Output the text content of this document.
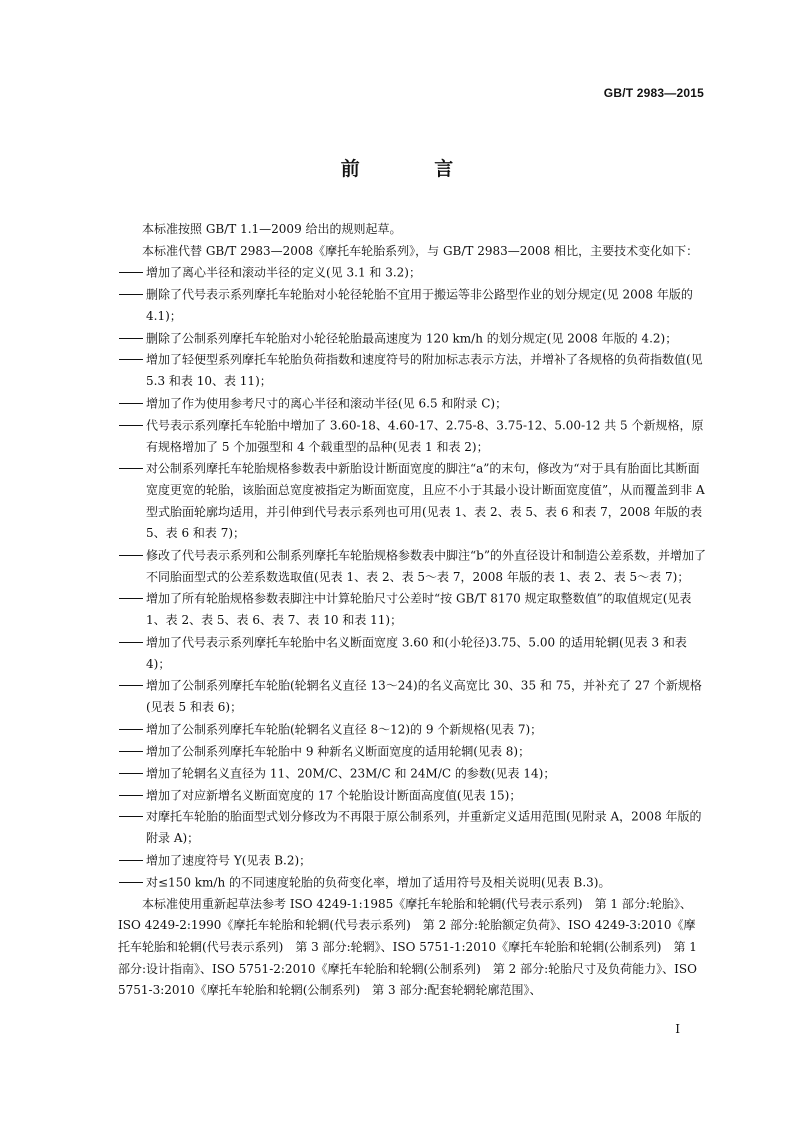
GB/T 2983—2015
前 言

本标准按照 GB/T 1.1—2009 给出的规则起草。

本标准代替 GB/T 2983—2008《摩托车轮胎系列》，与 GB/T 2983—2008 相比，主要技术变化如下：

增加了离心半径和滚动半径的定义(见 3.1 和 3.2)；

删除了代号表示系列摩托车轮胎对小轮径轮胎不宜用于搬运等非公路型作业的划分规定(见 2008 年版的 4.1)；

删除了公制系列摩托车轮胎对小轮径轮胎最高速度为 120 km/h 的划分规定(见 2008 年版的 4.2)；

增加了轻便型系列摩托车轮胎负荷指数和速度符号的附加标志表示方法，并增补了各规格的负荷指数值(见 5.3 和表 10、表 11)；

增加了作为使用参考尺寸的离心半径和滚动半径(见 6.5 和附录 C)；

代号表示系列摩托车轮胎中增加了 3.60-18、4.60-17、2.75-8、3.75-12、5.00-12 共 5 个新规格，原有规格增加了 5 个加强型和 4 个载重型的品种(见表 1 和表 2)；

对公制系列摩托车轮胎规格参数表中新胎设计断面宽度的脚注“a”的末句，修改为“对于具有胎面比其断面宽度更宽的轮胎，该胎面总宽度被指定为断面宽度，且应不小于其最小设计断面宽度值”，从而覆盖到非 A 型式胎面轮廓均适用，并引伸到代号表示系列也可用(见表 1、表 2、表 5、表 6 和表 7，2008 年版的表 5、表 6 和表 7)；

修改了代号表示系列和公制系列摩托车轮胎规格参数表中脚注“b”的外直径设计和制造公差系数，并增加了不同胎面型式的公差系数选取值(见表 1、表 2、表 5～表 7，2008 年版的表 1、表 2、表 5～表 7)；

增加了所有轮胎规格参数表脚注中计算轮胎尺寸公差时“按 GB/T 8170 规定取整数值”的取值规定(见表 1、表 2、表 5、表 6、表 7、表 10 和表 11)；

增加了代号表示系列摩托车轮胎中名义断面宽度 3.60 和(小轮径)3.75、5.00 的适用轮辋(见表 3 和表 4)；

增加了公制系列摩托车轮胎(轮辋名义直径 13～24)的名义高宽比 30、35 和 75，并补充了 27 个新规格(见表 5 和表 6)；

增加了公制系列摩托车轮胎(轮辋名义直径 8～12)的 9 个新规格(见表 7)；

增加了公制系列摩托车轮胎中 9 种新名义断面宽度的适用轮辋(见表 8)；

增加了轮辋名义直径为 11、20M/C、23M/C 和 24M/C 的参数(见表 14)；

增加了对应新增名义断面宽度的 17 个轮胎设计断面高度值(见表 15)；

对摩托车轮胎的胎面型式划分修改为不再限于原公制系列，并重新定义适用范围(见附录 A，2008 年版的附录 A)；

增加了速度符号 Y(见表 B.2)；

对≤150 km/h 的不同速度轮胎的负荷变化率，增加了适用符号及相关说明(见表 B.3)。

本标准使用重新起草法参考 ISO 4249-1:1985《摩托车轮胎和轮辋(代号表示系列)　第 1 部分:轮胎》、ISO 4249-2:1990《摩托车轮胎和轮辋(代号表示系列)　第 2 部分:轮胎额定负荷》、ISO 4249-3:2010《摩托车轮胎和轮辋(代号表示系列)　第 3 部分:轮辋》、ISO 5751-1:2010《摩托车轮胎和轮辋(公制系列)　第 1 部分:设计指南》、ISO 5751-2:2010《摩托车轮胎和轮辋(公制系列)　第 2 部分:轮胎尺寸及负荷能力》、ISO 5751-3:2010《摩托车轮胎和轮辋(公制系列)　第 3 部分:配套轮辋轮廓范围》、

I
